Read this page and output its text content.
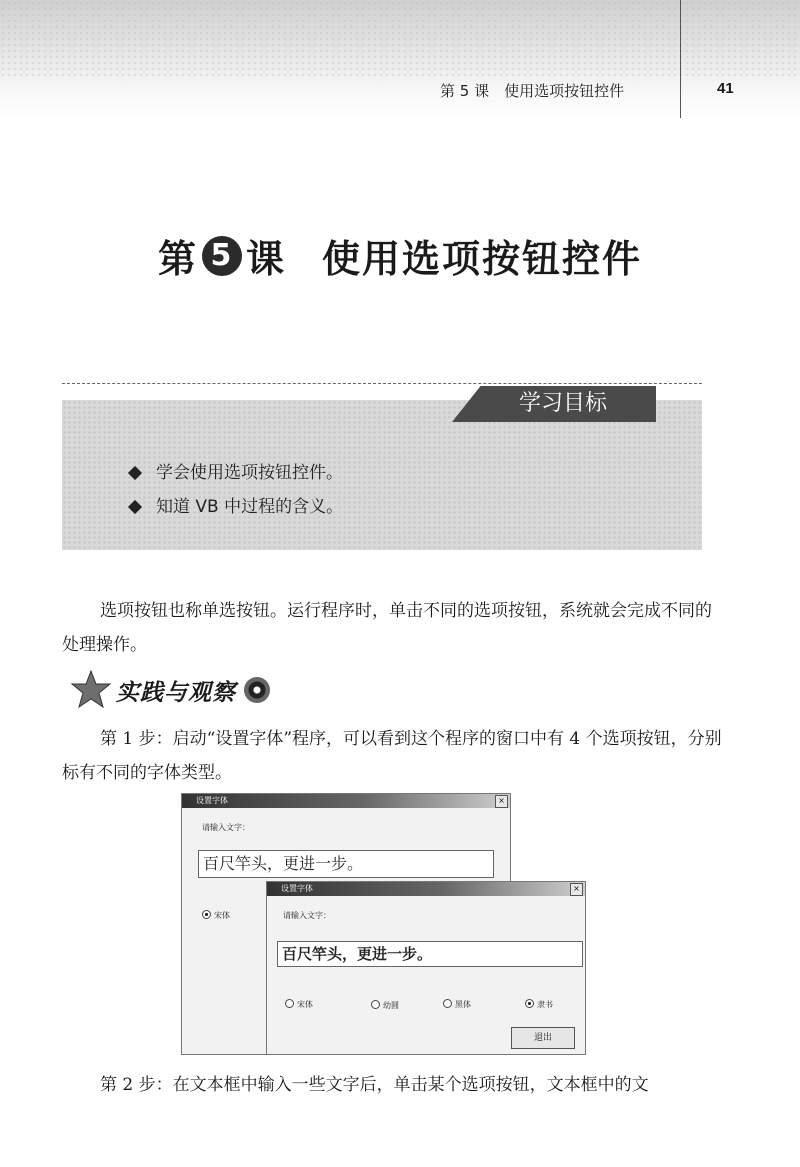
第 5 课　使用选项按钮控件	41
第 5 课 使用选项按钮控件
学习目标
学会使用选项按钮控件。
知道 VB 中过程的含义。
选项按钮也称单选按钮。运行程序时，单击不同的选项按钮，系统就会完成不同的处理操作。
实践与观察
第 1 步：启动“设置字体”程序，可以看到这个程序的窗口中有 4 个选项按钮，分别标有不同的字体类型。
设置字体	×
请输入文字：
百尺竿头，更进一步。
宋体
设置字体	×
请输入文字：
百尺竿头，更进一步。
宋体	幼圆	黑体	隶书
退出
第 2 步：在文本框中输入一些文字后，单击某个选项按钮，文本框中的文
